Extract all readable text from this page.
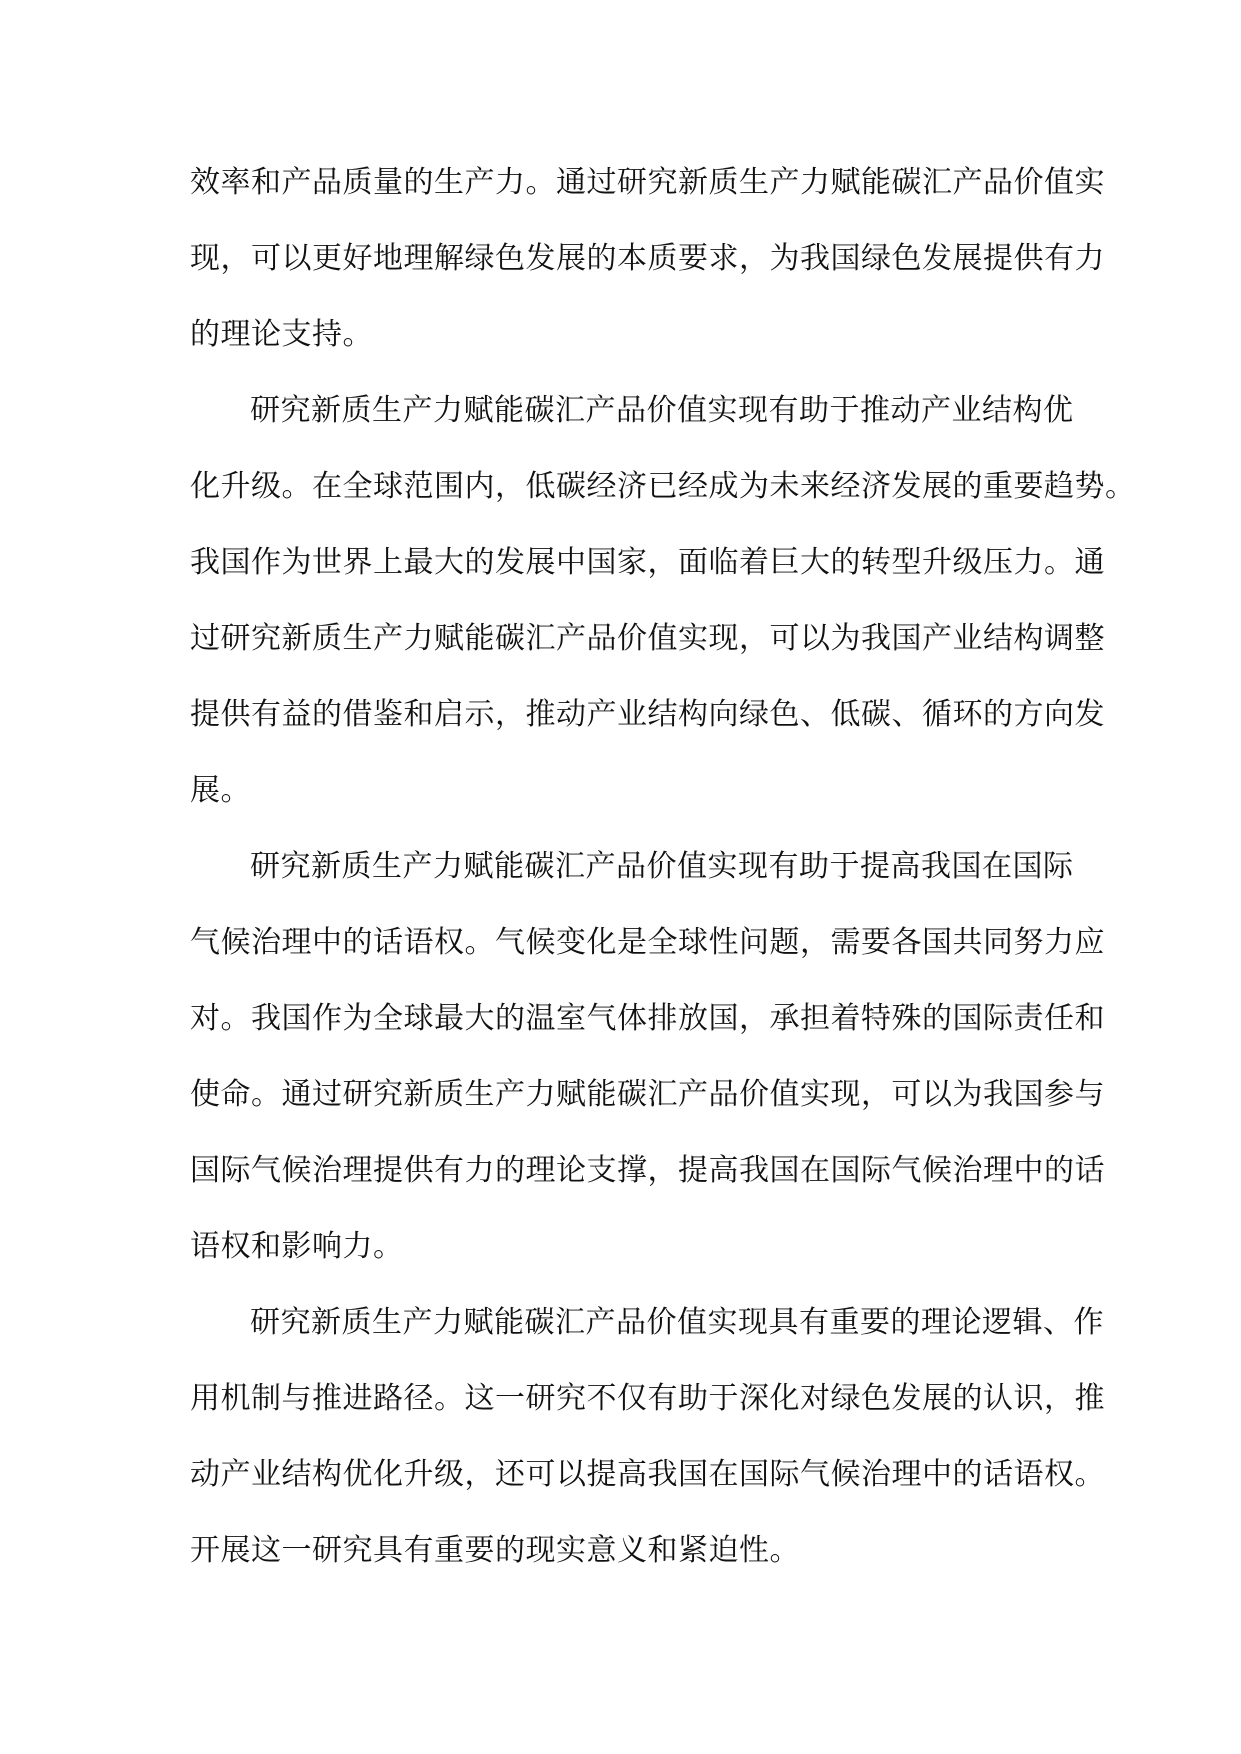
效率和产品质量的生产力。通过研究新质生产力赋能碳汇产品价值实
现，可以更好地理解绿色发展的本质要求，为我国绿色发展提供有力
的理论支持。
研究新质生产力赋能碳汇产品价值实现有助于推动产业结构优
化升级。在全球范围内，低碳经济已经成为未来经济发展的重要趋势。
我国作为世界上最大的发展中国家，面临着巨大的转型升级压力。通
过研究新质生产力赋能碳汇产品价值实现，可以为我国产业结构调整
提供有益的借鉴和启示，推动产业结构向绿色、低碳、循环的方向发
展。
研究新质生产力赋能碳汇产品价值实现有助于提高我国在国际
气候治理中的话语权。气候变化是全球性问题，需要各国共同努力应
对。我国作为全球最大的温室气体排放国，承担着特殊的国际责任和
使命。通过研究新质生产力赋能碳汇产品价值实现，可以为我国参与
国际气候治理提供有力的理论支撑，提高我国在国际气候治理中的话
语权和影响力。
研究新质生产力赋能碳汇产品价值实现具有重要的理论逻辑、作
用机制与推进路径。这一研究不仅有助于深化对绿色发展的认识，推
动产业结构优化升级，还可以提高我国在国际气候治理中的话语权。
开展这一研究具有重要的现实意义和紧迫性。
